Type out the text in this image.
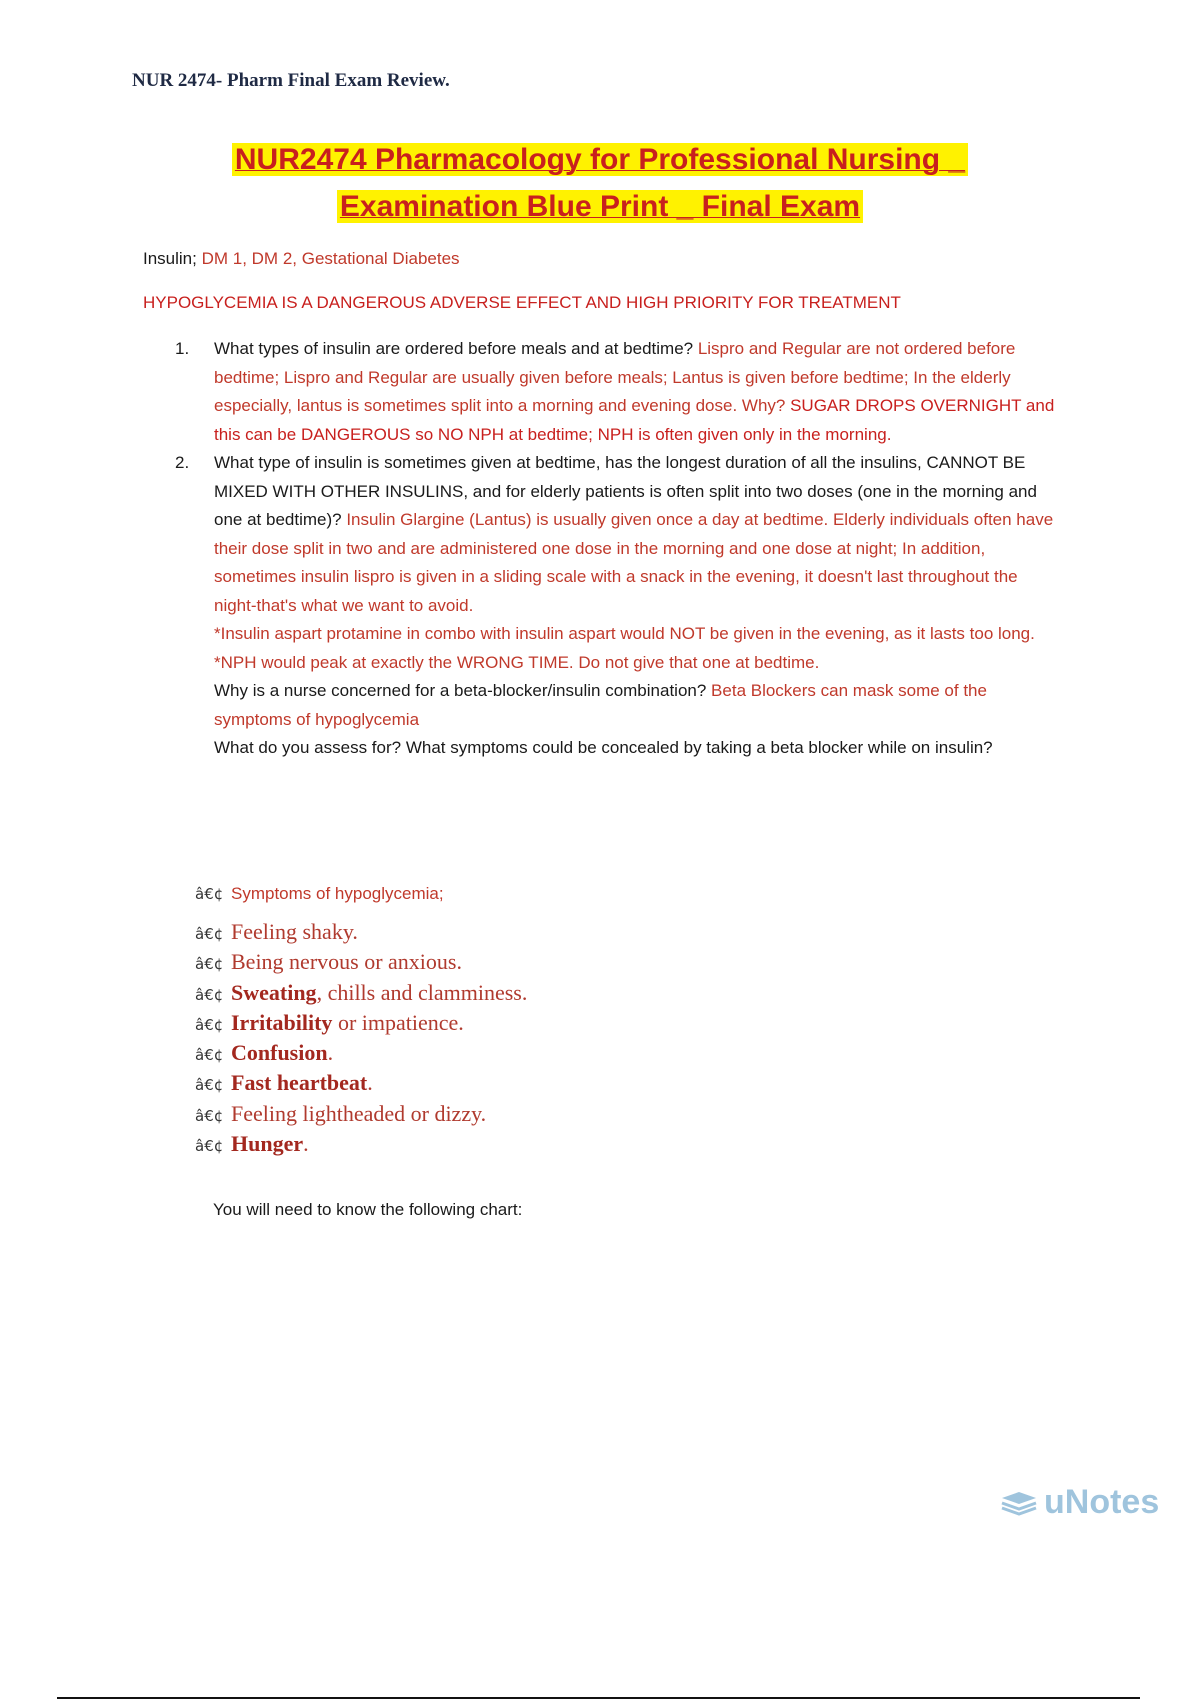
NUR 2474- Pharm Final Exam Review.
NUR2474 Pharmacology for Professional Nursing _
Examination Blue Print _ Final Exam
Insulin; DM 1, DM 2, Gestational Diabetes
HYPOGLYCEMIA IS A DANGEROUS ADVERSE EFFECT AND HIGH PRIORITY FOR TREATMENT
1.	What types of insulin are ordered before meals and at bedtime? Lispro and Regular are not ordered before bedtime; Lispro and Regular are usually given before meals; Lantus is given before bedtime; In the elderly especially, lantus is sometimes split into a morning and evening dose. Why? SUGAR DROPS OVERNIGHT and this can be DANGEROUS so NO NPH at bedtime; NPH is often given only in the morning.
2.	What type of insulin is sometimes given at bedtime, has the longest duration of all the insulins, CANNOT BE MIXED WITH OTHER INSULINS, and for elderly patients is often split into two doses (one in the morning and one at bedtime)? Insulin Glargine (Lantus) is usually given once a day at bedtime. Elderly individuals often have their dose split in two and are administered one dose in the morning and one dose at night; In addition, sometimes insulin lispro is given in a sliding scale with a snack in the evening, it doesn't last throughout the night-that's what we want to avoid.
*Insulin aspart protamine in combo with insulin aspart would NOT be given in the evening, as it lasts too long.
*NPH would peak at exactly the WRONG TIME. Do not give that one at bedtime.
Why is a nurse concerned for a beta-blocker/insulin combination? Beta Blockers can mask some of the symptoms of hypoglycemia
What do you assess for? What symptoms could be concealed by taking a beta blocker while on insulin?
â€¢ Symptoms of hypoglycemia;
â€¢ Feeling shaky.
â€¢ Being nervous or anxious.
â€¢ Sweating, chills and clamminess.
â€¢ Irritability or impatience.
â€¢ Confusion.
â€¢ Fast heartbeat.
â€¢ Feeling lightheaded or dizzy.
â€¢ Hunger.
You will need to know the following chart:
uNotes
